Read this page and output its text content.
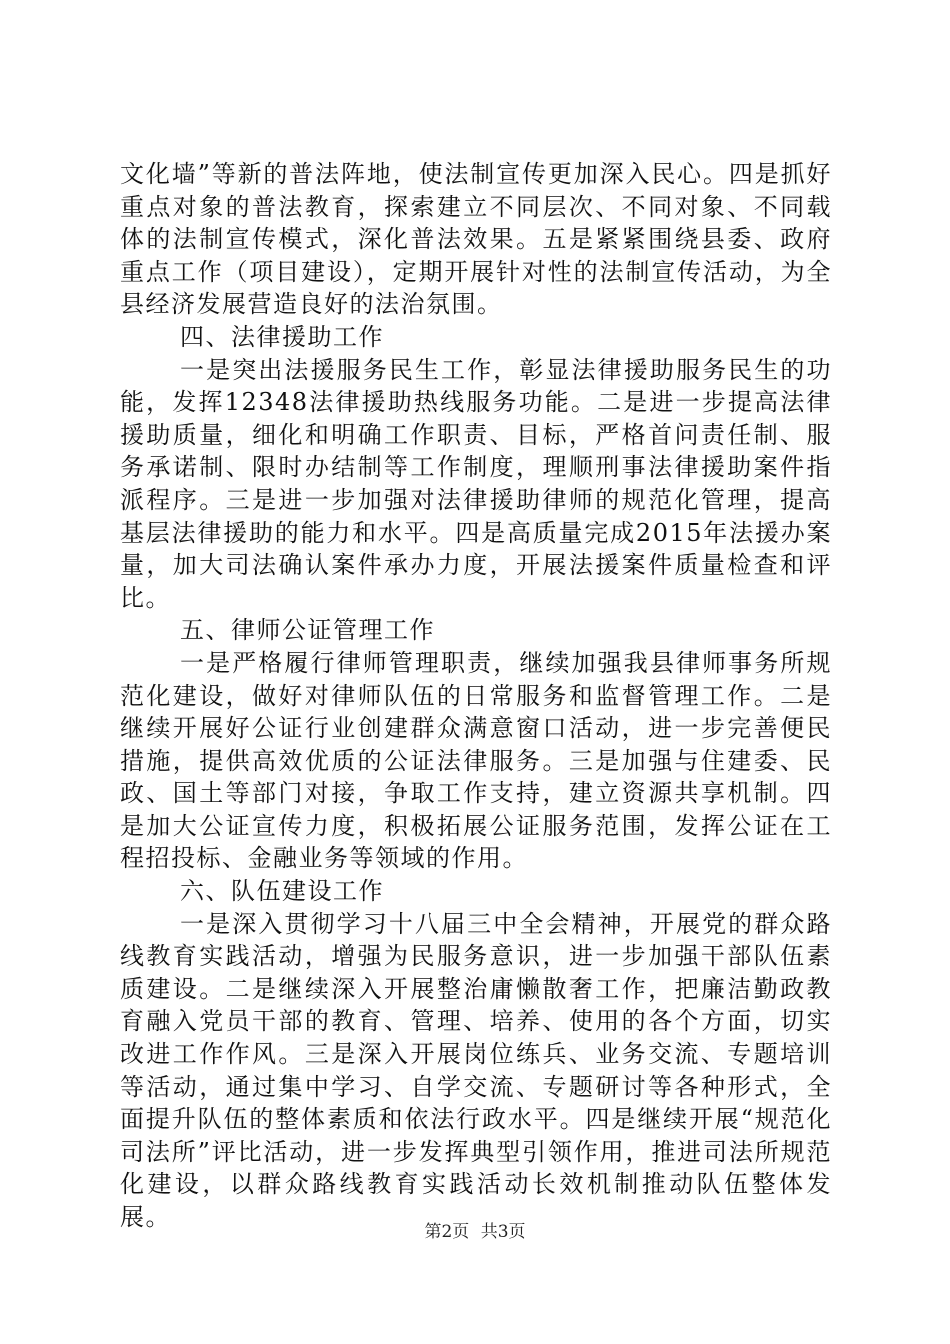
文化墙”等新的普法阵地，使法制宣传更加深入民心。四是抓好重点对象的普法教育，探索建立不同层次、不同对象、不同载体的法制宣传模式，深化普法效果。五是紧紧围绕县委、政府重点工作（项目建设），定期开展针对性的法制宣传活动，为全县经济发展营造良好的法治氛围。

四、法律援助工作

一是突出法援服务民生工作，彰显法律援助服务民生的功能，发挥12348法律援助热线服务功能。二是进一步提高法律援助质量，细化和明确工作职责、目标，严格首问责任制、服务承诺制、限时办结制等工作制度，理顺刑事法律援助案件指派程序。三是进一步加强对法律援助律师的规范化管理，提高基层法律援助的能力和水平。四是高质量完成2015年法援办案量，加大司法确认案件承办力度，开展法援案件质量检查和评比。

五、律师公证管理工作

一是严格履行律师管理职责，继续加强我县律师事务所规范化建设，做好对律师队伍的日常服务和监督管理工作。二是继续开展好公证行业创建群众满意窗口活动，进一步完善便民措施，提供高效优质的公证法律服务。三是加强与住建委、民政、国土等部门对接，争取工作支持，建立资源共享机制。四是加大公证宣传力度，积极拓展公证服务范围，发挥公证在工程招投标、金融业务等领域的作用。

六、队伍建设工作

一是深入贯彻学习十八届三中全会精神，开展党的群众路线教育实践活动，增强为民服务意识，进一步加强干部队伍素质建设。二是继续深入开展整治庸懒散奢工作，把廉洁勤政教育融入党员干部的教育、管理、培养、使用的各个方面，切实改进工作作风。三是深入开展岗位练兵、业务交流、专题培训等活动，通过集中学习、自学交流、专题研讨等各种形式，全面提升队伍的整体素质和依法行政水平。四是继续开展“规范化司法所”评比活动，进一步发挥典型引领作用，推进司法所规范化建设，以群众路线教育实践活动长效机制推动队伍整体发展。

第2页 共3页
